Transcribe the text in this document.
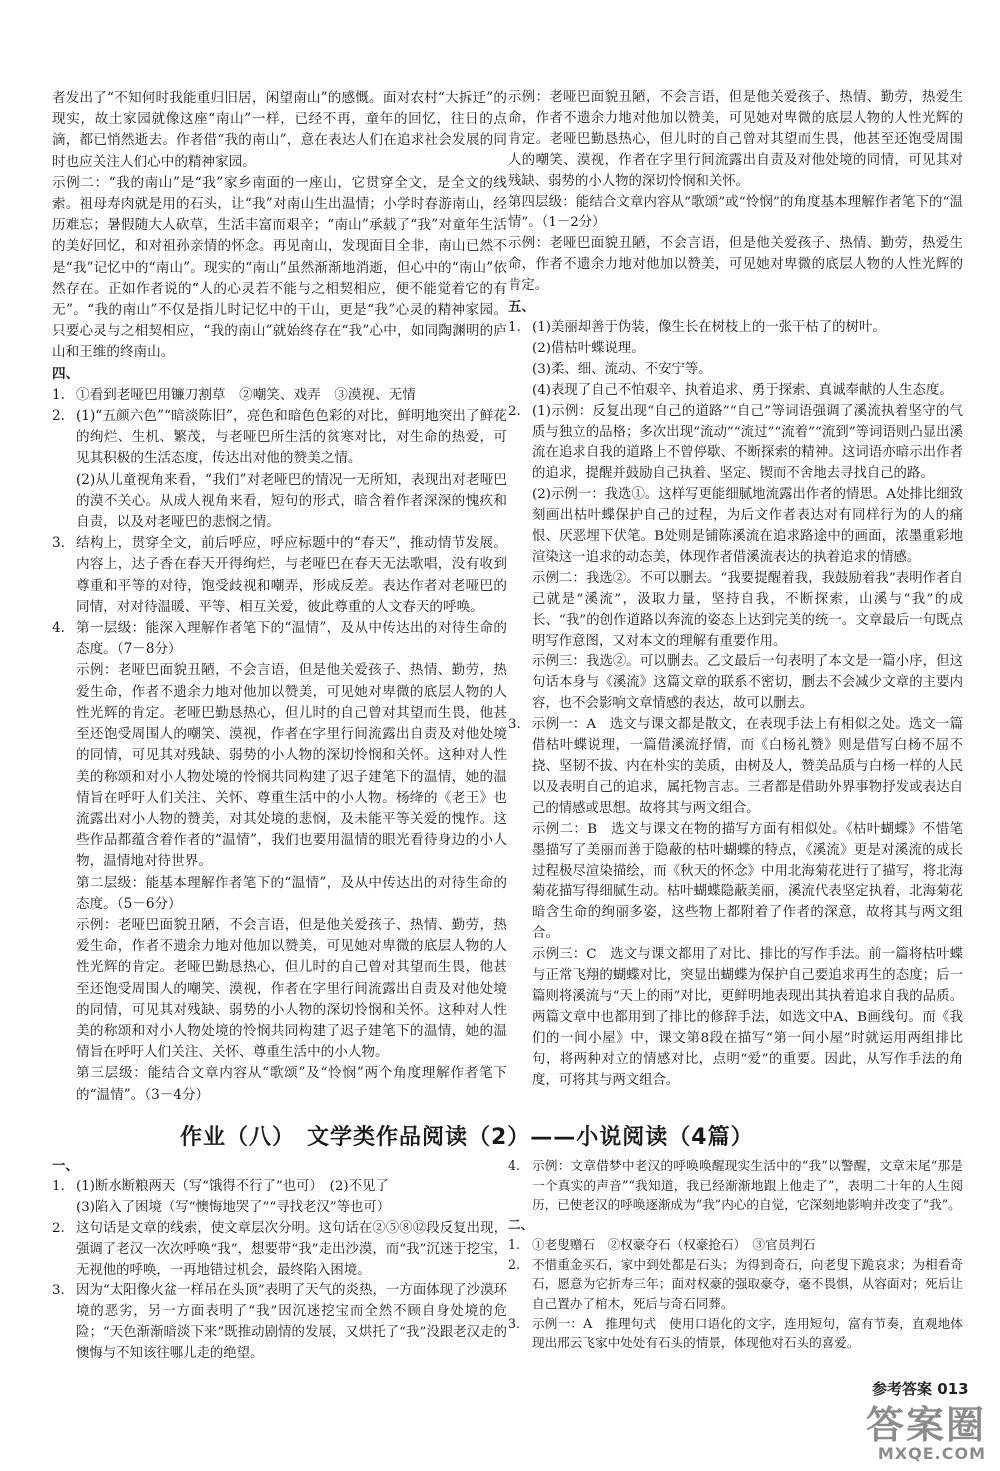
者发出了“不知何时我能重归旧居，闲望南山”的感慨。面对农村“大拆迁”的现实，故土家园就像这座“南山”一样，已经不再，童年的回忆，往日的点滴，都已悄然逝去。作者借“我的南山”，意在表达人们在追求社会发展的同时也应关注人们心中的精神家园。

示例二：“我的南山”是“我”家乡南面的一座山，它贯穿全文，是全文的线索。祖母寿肉就是用的石头，让“我”对南山生出温情；小学时春游南山，经历难忘；暑假随大人砍草，生活丰富而艰辛；“南山”承载了“我”对童年生活的美好回忆，和对祖孙亲情的怀念。再见南山，发现面目全非，南山已然不是“我”记忆中的“南山”。现实的“南山”虽然渐渐地消逝，但心中的“南山”依然存在。正如作者说的“人的心灵若不能与之相契相应，便不能觉着它的有无”。“我的南山”不仅是指儿时记忆中的干山，更是“我”心灵的精神家园。只要心灵与之相契相应，“我的南山”就始终存在“我”心中，如同陶渊明的庐山和王维的终南山。

四、

1. ①看到老哑巴用镰刀割草　②嘲笑、戏弄　③漠视、无情
2. (1)“五颜六色”“暗淡陈旧”，亮色和暗色色彩的对比，鲜明地突出了鲜花的绚烂、生机、繁茂，与老哑巴所生活的贫寒对比，对生命的热爱，可见其积极的生活态度，传达出对他的赞美之情。
(2)从儿童视角来看，“我们”对老哑巴的情况一无所知，表现出对老哑巴的漠不关心。从成人视角来看，短句的形式，暗含着作者深深的愧疚和自责，以及对老哑巴的悲悯之情。
3. 结构上，贯穿全文，前后呼应，呼应标题中的“春天”，推动情节发展。内容上，达子香在春天开得绚烂，与老哑巴在春天无法歌唱，没有收到尊重和平等的对待，饱受歧视和嘲弄，形成反差。表达作者对老哑巴的同情，对对待温暖、平等、相互关爱，彼此尊重的人文春天的呼唤。
4. 第一层级：能深入理解作者笔下的“温情”，及从中传达出的对待生命的态度。（7－8分）
示例：老哑巴面貌丑陋，不会言语，但是他关爱孩子、热情、勤劳，热爱生命，作者不遗余力地对他加以赞美，可见她对卑微的底层人物的人性光辉的肯定。老哑巴勤恳热心，但儿时的自己曾对其望而生畏，他甚至还饱受周围人的嘲笑、漠视，作者在字里行间流露出自责及对他处境的同情，可见其对残缺、弱势的小人物的深切怜悯和关怀。这种对人性美的称颂和对小人物处境的怜悯共同构建了迟子建笔下的温情，她的温情旨在呼吁人们关注、关怀、尊重生活中的小人物。杨绛的《老王》也流露出对小人物的赞美，对其处境的悲悯，及未能平等关爱的愧怍。这些作品都蕴含着作者的“温情”，我们也要用温情的眼光看待身边的小人物，温情地对待世界。
第二层级：能基本理解作者笔下的“温情”，及从中传达出的对待生命的态度。（5－6分）
示例：老哑巴面貌丑陋，不会言语，但是他关爱孩子、热情、勤劳，热爱生命，作者不遗余力地对他加以赞美，可见她对卑微的底层人物的人性光辉的肯定。老哑巴勤恳热心，但儿时的自己曾对其望而生畏，他甚至还饱受周围人的嘲笑、漠视，作者在字里行间流露出自责及对他处境的同情，可见其对残缺、弱势的小人物的深切怜悯和关怀。这种对人性美的称颂和对小人物处境的怜悯共同构建了迟子建笔下的温情，她的温情旨在呼吁人们关注、关怀、尊重生活中的小人物。
第三层级：能结合文章内容从“歌颂”及“怜悯”两个角度理解作者笔下的“温情”。（3－4分）

示例：老哑巴面貌丑陋，不会言语，但是他关爱孩子、热情、勤劳，热爱生命，作者不遗余力地对他加以赞美，可见她对卑微的底层人物的人性光辉的肯定。老哑巴勤恳热心，但儿时的自己曾对其望而生畏，他甚至还饱受周围人的嘲笑、漠视，作者在字里行间流露出自责及对他处境的同情，可见其对残缺、弱势的小人物的深切怜悯和关怀。

第四层级：能结合文章内容从“歌颂”或“怜悯”的角度基本理解作者笔下的“温情”。（1－2分）

示例：老哑巴面貌丑陋，不会言语，但是他关爱孩子、热情、勤劳，热爱生命，作者不遗余力地对他加以赞美，可见她对卑微的底层人物的人性光辉的肯定。

五、

1. (1)美丽却善于伪装，像生长在树枝上的一张干枯了的树叶。
(2)借枯叶蝶说理。
(3)柔、细、流动、不安宁等。
(4)表现了自己不怕艰辛、执着追求、勇于探索、真诚奉献的人生态度。
2. (1)示例：反复出现“自己的道路”“自己”等词语强调了溪流执着坚守的气质与独立的品格；多次出现“流动”“流过”“流着”“流到”等词语则凸显出溪流在追求自我的道路上不曾停歇、不断探索的精神。这词语亦暗示出作者的追求，提醒并鼓励自己执着、坚定、锲而不舍地去寻找自己的路。
(2)示例一：我选①。这样写更能细腻地流露出作者的情思。A处排比细致刻画出枯叶蝶保护自己的过程，为后文作者表达对有同样行为的人的痛恨、厌恶埋下伏笔。B处则是铺陈溪流在追求路途中的画面，浓墨重彩地渲染这一追求的动态美，体现作者借溪流表达的执着追求的情感。
示例二：我选②。不可以删去。“我要提醒着我，我鼓励着我”表明作者自己就是“溪流”，汲取力量，坚持自我，不断探索，山溪与“我”的成长、“我”的创作道路以奔流的姿态上达到完美的统一。文章最后一句既点明写作意图，又对本文的理解有重要作用。
示例三：我选②。可以删去。乙文最后一句表明了本文是一篇小序，但这句话本身与《溪流》这篇文章的联系不密切，删去不会减少文章的主要内容，也不会影响文章情感的表达，故可以删去。
3. 示例一：A　选文与课文都是散文，在表现手法上有相似之处。选文一篇借枯叶蝶说理，一篇借溪流抒情，而《白杨礼赞》则是借写白杨不屈不挠、坚韧不拔、内在朴实的美质，由树及人，赞美品质与白杨一样的人民以及表明自己的追求，属托物言志。三者都是借助外界事物抒发或表达自己的情感或思想。故将其与两文组合。
示例二：B　选文与课文在物的描写方面有相似处。《枯叶蝴蝶》不惜笔墨描写了美丽而善于隐蔽的枯叶蝴蝶的特点，《溪流》更是对溪流的成长过程极尽渲染描绘，而《秋天的怀念》中用北海菊花进行了描写，将北海菊花描写得细腻生动。枯叶蝴蝶隐蔽美丽，溪流代表坚定执着，北海菊花暗含生命的绚丽多姿，这些物上都附着了作者的深意，故将其与两文组合。
示例三：C　选文与课文都用了对比、排比的写作手法。前一篇将枯叶蝶与正常飞翔的蝴蝶对比，突显出蝴蝶为保护自己要追求再生的态度；后一篇则将溪流与“天上的雨”对比，更鲜明地表现出其执着追求自我的品质。两篇文章中也都用到了排比的修辞手法，如选文中A、B画线句。而《我们的一间小屋》中，课文第8段在描写“第一间小屋”时就运用两组排比句，将两种对立的情感对比，点明“爱”的重要。因此，从写作手法的角度，可将其与两文组合。
作业（八）　文学类作品阅读（2）——小说阅读（4篇）

一、

1. (1)断水断粮两天（写“饿得不行了”也可）　(2)不见了
(3)陷入了困境（写“懊悔地哭了”“寻找老汉”等也可）
2. 这句话是文章的线索，使文章层次分明。这句话在②⑤⑧⑫段反复出现，强调了老汉一次次呼唤“我”，想要带“我”走出沙漠，而“我”沉迷于挖宝，无视他的呼唤，一再地错过机会，最终陷入困境。
3. 因为“太阳像火盆一样吊在头顶”表明了天气的炎热，一方面体现了沙漠环境的恶劣，另一方面表明了“我”因沉迷挖宝而全然不顾自身处境的危险；“天色渐渐暗淡下来”既推动剧情的发展，又烘托了“我”没跟老汉走的懊悔与不知该往哪儿走的绝望。
4. 示例：文章借梦中老汉的呼唤唤醒现实生活中的“我”以警醒，文章末尾“那是一个真实的声音”“我知道，我已经渐渐地跟上他走了”，表明二十年的人生阅历，已使老汉的呼唤逐渐成为“我”内心的自觉，它深刻地影响并改变了“我”。

二、

1. ①老叟赠石　②权豪夺石（权豪抢石）　③官员判石
2. 不惜重金买石，家中到处都是石头；为得到奇石，向老叟下跪哀求；为相看奇石，愿意为它折寿三年；面对权豪的强取豪夺，毫不畏惧，从容面对；死后让自己置办了棺木，死后与奇石同葬。
3. 示例一：A　推理句式　使用口语化的文字，连用短句，富有节奏，直观地体现出邢云飞家中处处有石头的情景，体现他对石头的喜爱。
参考答案 013
答案圈
MXQE.COM
